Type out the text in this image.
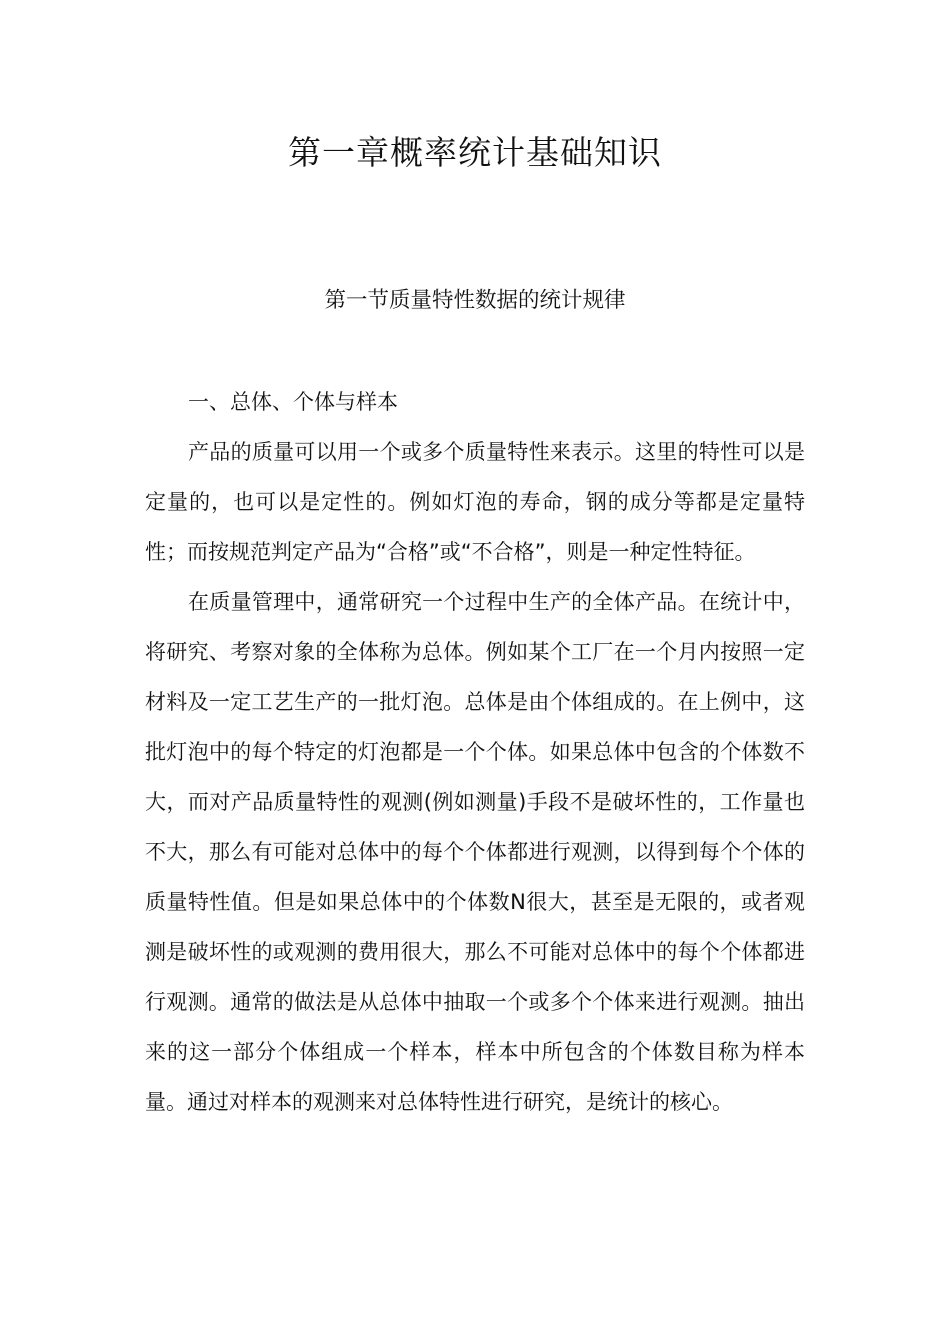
第一章概率统计基础知识
第一节质量特性数据的统计规律

一、总体、个体与样本

产品的质量可以用一个或多个质量特性来表示。这里的特性可以是定量的，也可以是定性的。例如灯泡的寿命，钢的成分等都是定量特性；而按规范判定产品为“合格”或“不合格”，则是一种定性特征。

在质量管理中，通常研究一个过程中生产的全体产品。在统计中，将研究、考察对象的全体称为总体。例如某个工厂在一个月内按照一定材料及一定工艺生产的一批灯泡。总体是由个体组成的。在上例中，这批灯泡中的每个特定的灯泡都是一个个体。如果总体中包含的个体数不大，而对产品质量特性的观测(例如测量)手段不是破坏性的，工作量也不大，那么有可能对总体中的每个个体都进行观测，以得到每个个体的质量特性值。但是如果总体中的个体数N很大，甚至是无限的，或者观测是破坏性的或观测的费用很大，那么不可能对总体中的每个个体都进行观测。通常的做法是从总体中抽取一个或多个个体来进行观测。抽出来的这一部分个体组成一个样本，样本中所包含的个体数目称为样本量。通过对样本的观测来对总体特性进行研究，是统计的核心。
